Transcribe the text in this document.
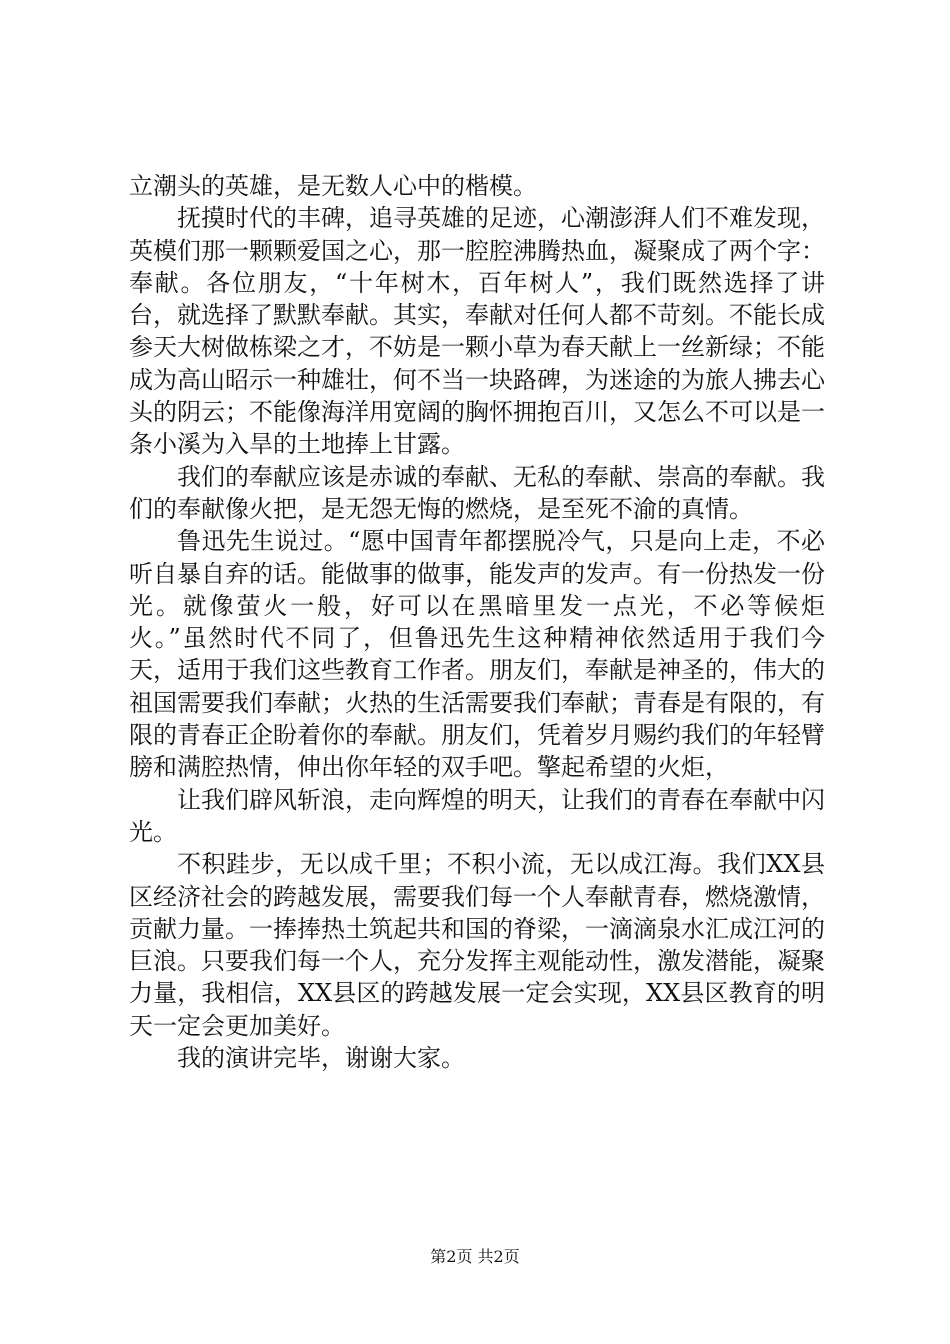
立潮头的英雄，是无数人心中的楷模。

抚摸时代的丰碑，追寻英雄的足迹，心潮澎湃人们不难发现，英模们那一颗颗爱国之心，那一腔腔沸腾热血，凝聚成了两个字：奉献。各位朋友，“十年树木，百年树人”，我们既然选择了讲台，就选择了默默奉献。其实，奉献对任何人都不苛刻。不能长成参天大树做栋梁之才，不妨是一颗小草为春天献上一丝新绿；不能成为高山昭示一种雄壮，何不当一块路碑，为迷途的为旅人拂去心头的阴云；不能像海洋用宽阔的胸怀拥抱百川，又怎么不可以是一条小溪为入旱的土地捧上甘露。

我们的奉献应该是赤诚的奉献、无私的奉献、崇高的奉献。我们的奉献像火把，是无怨无悔的燃烧，是至死不渝的真情。

鲁迅先生说过。“愿中国青年都摆脱冷气，只是向上走，不必听自暴自弃的话。能做事的做事，能发声的发声。有一份热发一份光。就像萤火一般，好可以在黑暗里发一点光，不必等候炬火。”虽然时代不同了，但鲁迅先生这种精神依然适用于我们今天，适用于我们这些教育工作者。朋友们，奉献是神圣的，伟大的祖国需要我们奉献；火热的生活需要我们奉献；青春是有限的，有限的青春正企盼着你的奉献。朋友们，凭着岁月赐约我们的年轻臂膀和满腔热情，伸出你年轻的双手吧。擎起希望的火炬，

让我们辟风斩浪，走向辉煌的明天，让我们的青春在奉献中闪光。

不积跬步，无以成千里；不积小流，无以成江海。我们XX县区经济社会的跨越发展，需要我们每一个人奉献青春，燃烧激情，贡献力量。一捧捧热土筑起共和国的脊梁，一滴滴泉水汇成江河的巨浪。只要我们每一个人，充分发挥主观能动性，激发潜能，凝聚力量，我相信，XX县区的跨越发展一定会实现，XX县区教育的明天一定会更加美好。

我的演讲完毕，谢谢大家。

第2页 共2页
